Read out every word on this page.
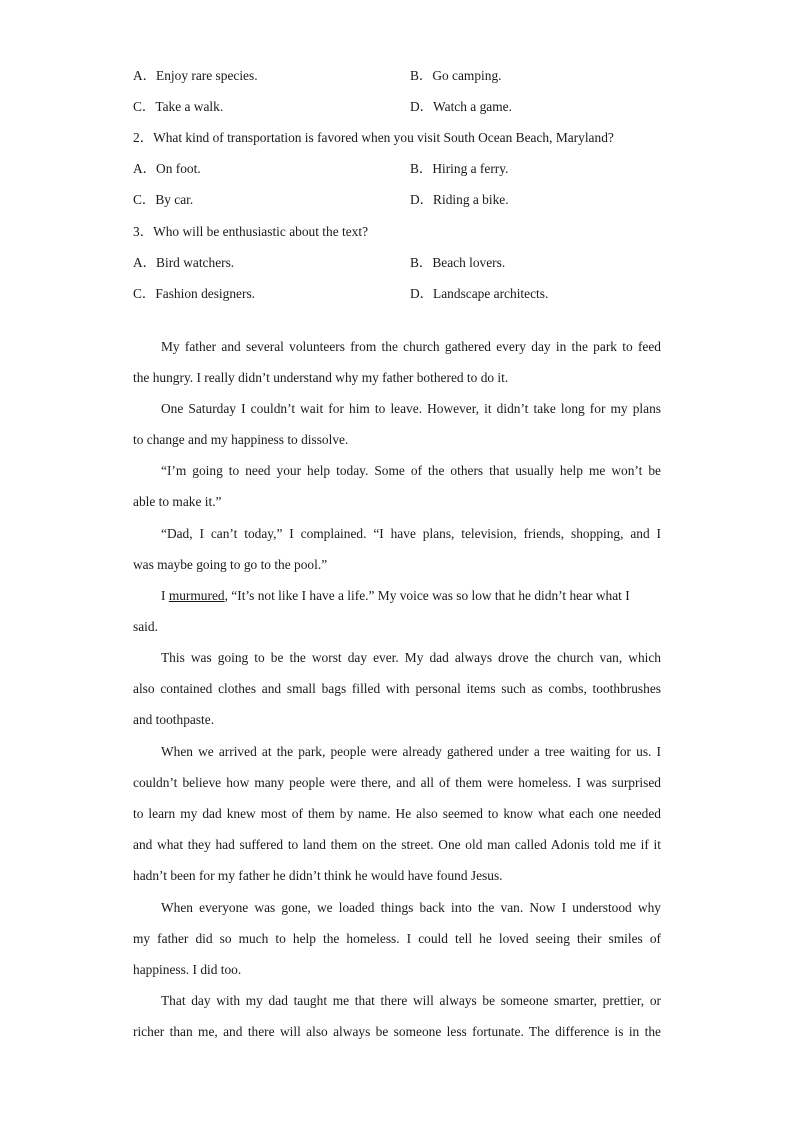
A．Enjoy rare species.	B．Go camping.
C．Take a walk.	D．Watch a game.
2．What kind of transportation is favored when you visit South Ocean Beach, Maryland?
A．On foot.	B．Hiring a ferry.
C．By car.	D．Riding a bike.
3．Who will be enthusiastic about the text?
A．Bird watchers.	B．Beach lovers.
C．Fashion designers.	D．Landscape architects.
My father and several volunteers from the church gathered every day in the park to feed
the hungry. I really didn’t understand why my father bothered to do it.
One Saturday I couldn’t wait for him to leave. However, it didn’t take long for my plans
to change and my happiness to dissolve.
“I’m going to need your help today. Some of the others that usually help me won’t be
able to make it.”
“Dad, I can’t today,” I complained. “I have plans, television, friends, shopping, and I
was maybe going to go to the pool.”
I murmured, “It’s not like I have a life.” My voice was so low that he didn’t hear what I
said.
This was going to be the worst day ever. My dad always drove the church van, which
also contained clothes and small bags filled with personal items such as combs, toothbrushes
and toothpaste.
When we arrived at the park, people were already gathered under a tree waiting for us. I
couldn’t believe how many people were there, and all of them were homeless. I was surprised
to learn my dad knew most of them by name. He also seemed to know what each one needed
and what they had suffered to land them on the street. One old man called Adonis told me if it
hadn’t been for my father he didn’t think he would have found Jesus.
When everyone was gone, we loaded things back into the van. Now I understood why
my father did so much to help the homeless. I could tell he loved seeing their smiles of
happiness. I did too.
That day with my dad taught me that there will always be someone smarter, prettier, or
richer than me, and there will also always be someone less fortunate. The difference is in the
